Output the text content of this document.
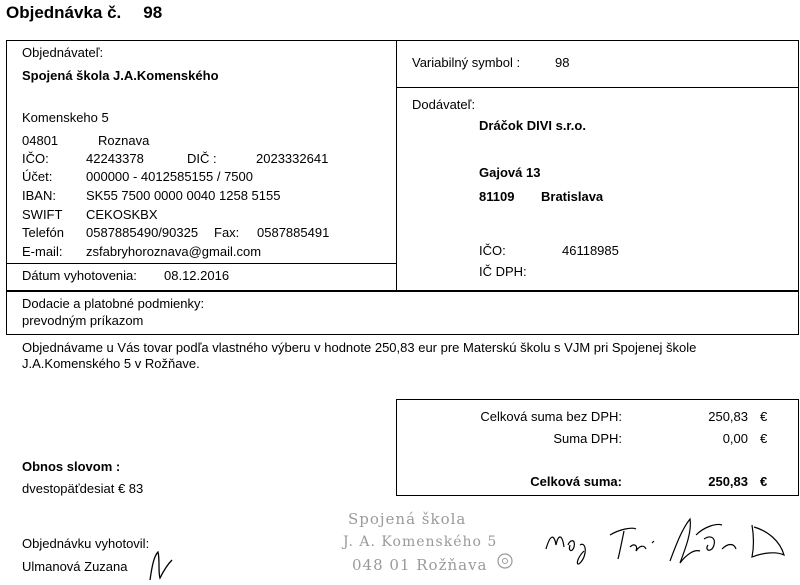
Objednávka č. 98
Objednávateľ:
Spojená škola J.A.Komenského
Komenskeho 5
04801	Roznava
IČO:	42243378	DIČ :	2023332641
Účet:	000000 - 4012585155 / 7500
IBAN: SK55 7500 0000 0040 1258 5155
SWIFT CEKOSKBX
Telefón 0587885490/90325 Fax: 0587885491
E-mail: zsfabryhoroznava@gmail.com
Dátum vyhotovenia: 08.12.2016
Variabilný symbol :	98
Dodávateľ:
Dráčok DIVI s.r.o.
Gajová 13
81109 Bratislava
IČO:	46118985
IČ DPH:
Dodacie a platobné podmienky:
prevodným príkazom
Objednávame u Vás tovar podľa vlastného výberu v hodnote 250,83 eur pre Materskú školu s VJM pri Spojenej škole
J.A.Komenského 5 v Rožňave.
Celková suma bez DPH:	250,83 €
Suma DPH:	0,00 €
Celková suma:	250,83 €
Obnos slovom :
dvestopäťdesiat € 83
Objednávku vyhotovil:
Ulmanová Zuzana
Spojená škola
J. A. Komenského 5
048 01 Rožňava
